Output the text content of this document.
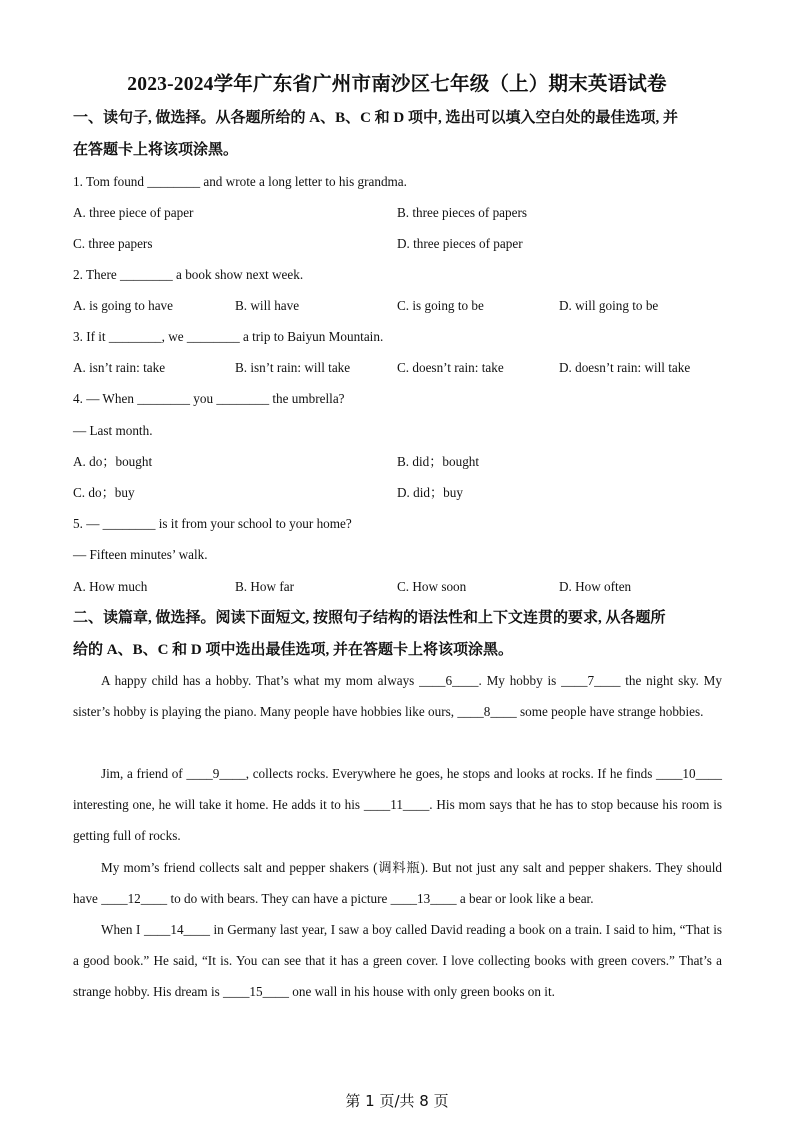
2023-2024学年广东省广州市南沙区七年级（上）期末英语试卷
一、读句子, 做选择。从各题所给的 A、B、C 和 D 项中, 选出可以填入空白处的最佳选项, 并
在答题卡上将该项涂黑。
1. Tom found ________ and wrote a long letter to his grandma.
A. three piece of paper	B. three pieces of papers
C. three papers	D. three pieces of paper
2. There ________ a book show next week.
A. is going to have	B. will have	C. is going to be	D. will going to be
3. If it ________, we ________ a trip to Baiyun Mountain.
A. isn’t rain: take	B. isn’t rain: will take	C. doesn’t rain: take	D. doesn’t rain: will take
4. — When ________ you ________ the umbrella?
— Last month.
A. do；bought	B. did；bought
C. do；buy	D. did；buy
5. — ________ is it from your school to your home?
— Fifteen minutes’ walk.
A. How much	B. How far	C. How soon	D. How often
二、读篇章, 做选择。阅读下面短文, 按照句子结构的语法性和上下文连贯的要求, 从各题所
给的 A、B、C 和 D 项中选出最佳选项, 并在答题卡上将该项涂黑。

A happy child has a hobby. That’s what my mom always ____6____. My hobby is ____7____ the night sky. My sister’s hobby is playing the piano. Many people have hobbies like ours, ____8____ some people have strange hobbies.

Jim, a friend of ____9____, collects rocks. Everywhere he goes, he stops and looks at rocks. If he finds ____10____ interesting one, he will take it home. He adds it to his ____11____. His mom says that he has to stop because his room is getting full of rocks.

My mom’s friend collects salt and pepper shakers (调料瓶). But not just any salt and pepper shakers. They should have ____12____ to do with bears. They can have a picture ____13____ a bear or look like a bear.

When I ____14____ in Germany last year, I saw a boy called David reading a book on a train. I said to him, “That is a good book.” He said, “It is. You can see that it has a green cover. I love collecting books with green covers.” That’s a strange hobby. His dream is ____15____ one wall in his house with only green books on it.

第 1 页/共 8 页
